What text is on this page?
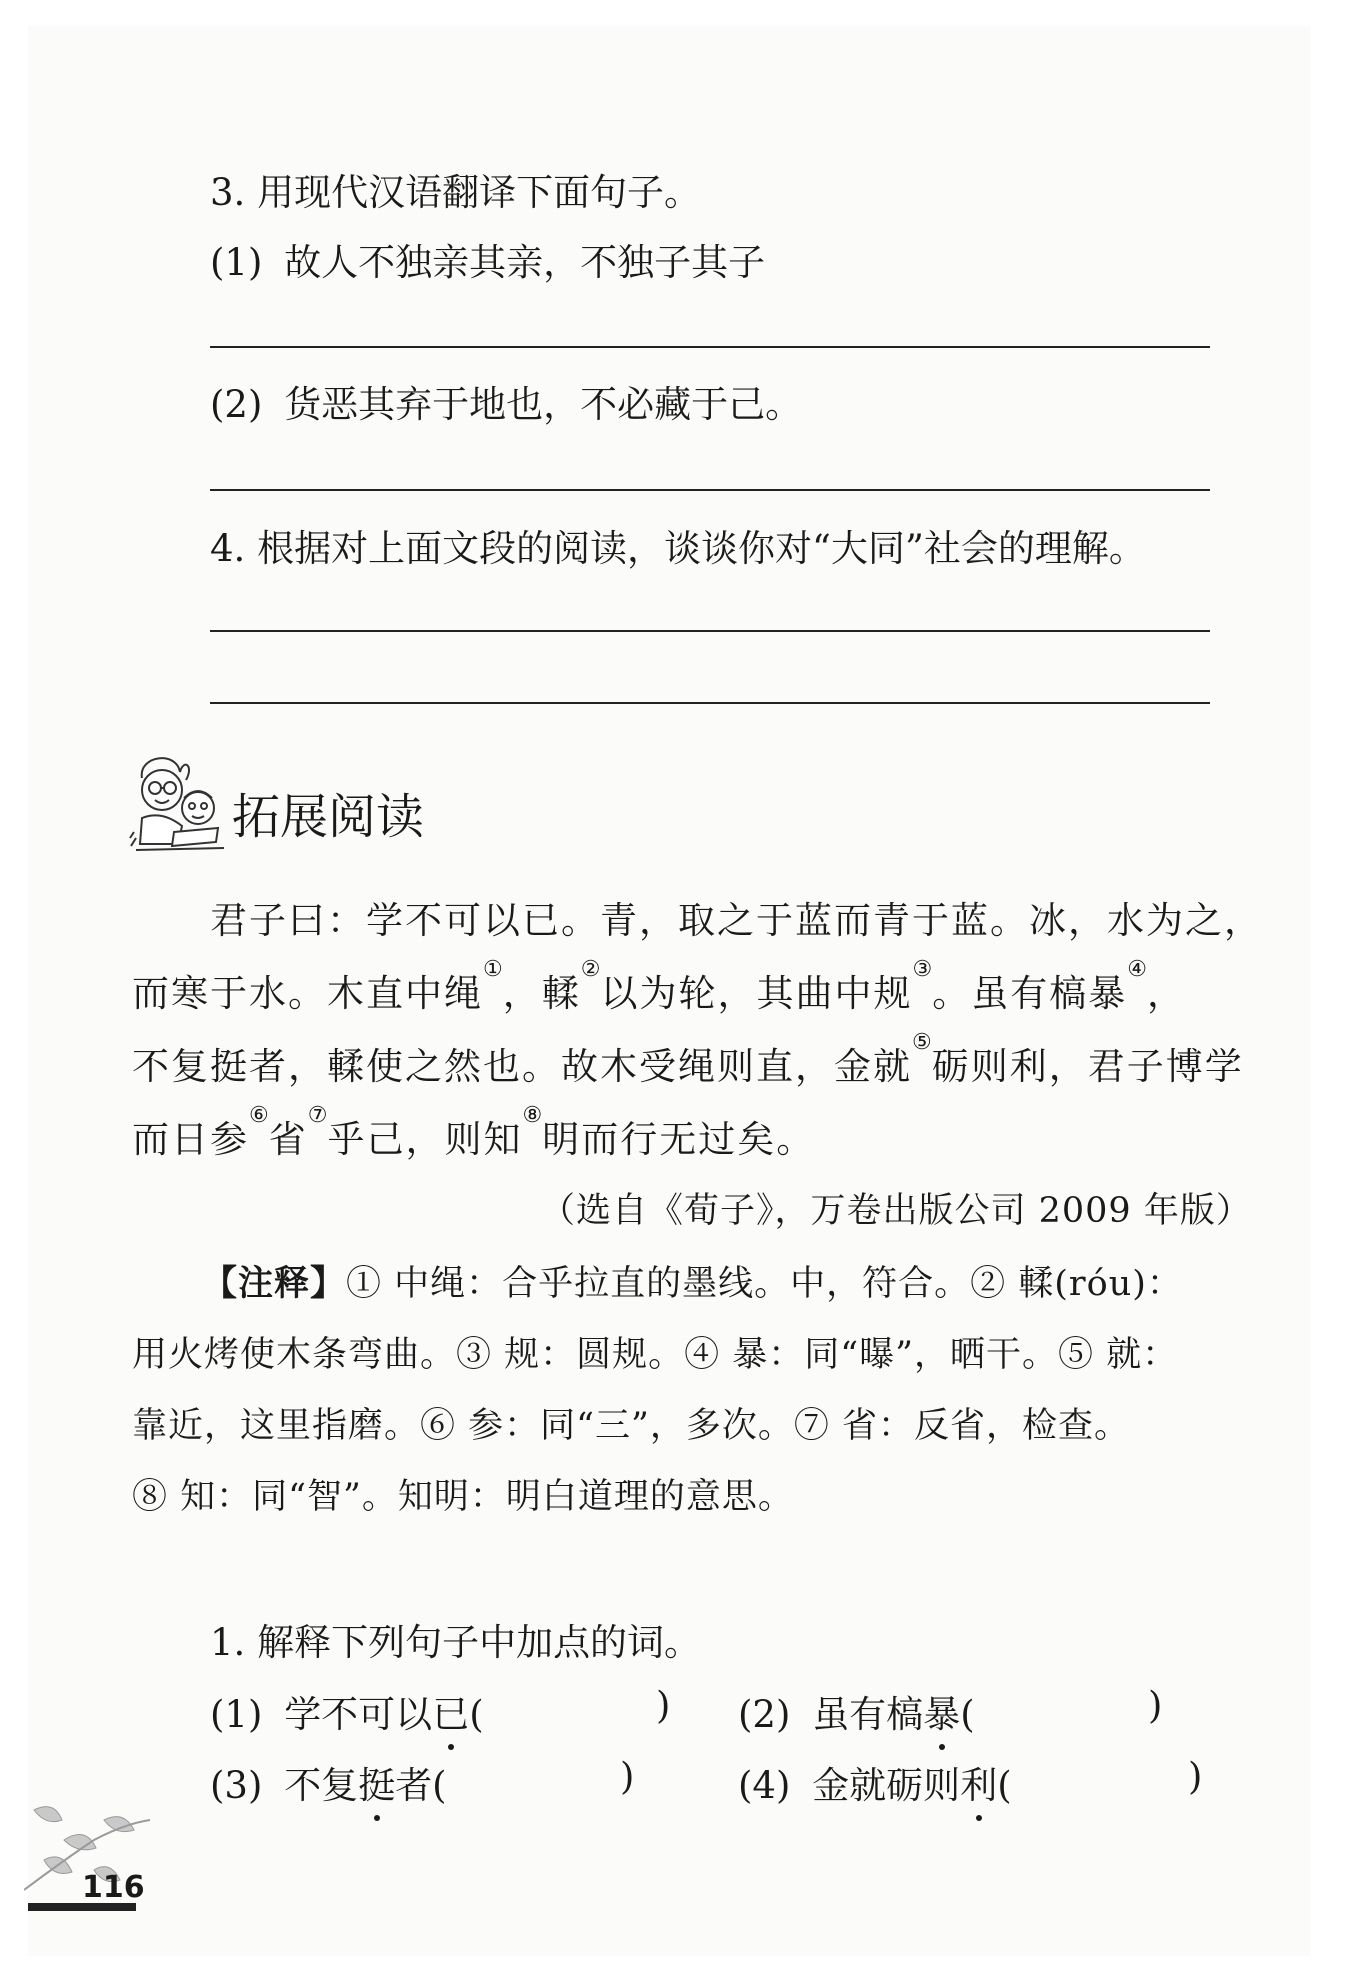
3. 用现代汉语翻译下面句子。
(1) 故人不独亲其亲，不独子其子
(2) 货恶其弃于地也，不必藏于己。
4. 根据对上面文段的阅读，谈谈你对“大同”社会的理解。
拓展阅读
君子曰：学不可以已。青，取之于蓝而青于蓝。冰，水为之，
而寒于水。木直中绳①，輮②以为轮，其曲中规③。虽有槁暴④，
不复挺者，輮使之然也。故木受绳则直，金就⑤砺则利，君子博学
而日参⑥省⑦乎己，则知⑧明而行无过矣。
（选自《荀子》，万卷出版公司 2009 年版）
【注释】① 中绳：合乎拉直的墨线。中，符合。② 輮(róu)：
用火烤使木条弯曲。③ 规：圆规。④ 暴：同“曝”，晒干。⑤ 就：
靠近，这里指磨。⑥ 参：同“三”，多次。⑦ 省：反省，检查。
⑧ 知：同“智”。知明：明白道理的意思。
1. 解释下列句子中加点的词。
(1) 学不可以已(	) (2) 虽有槁暴(	)
(3) 不复挺者(	)	(4) 金就砺则利(	)
116
